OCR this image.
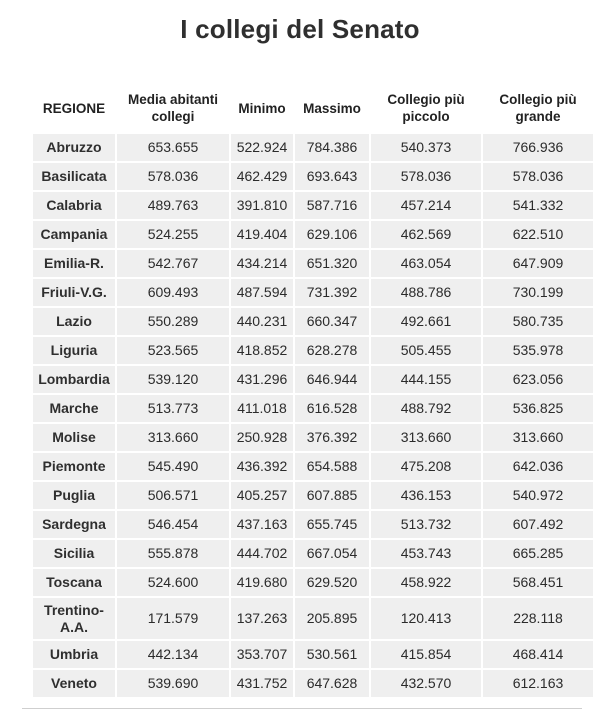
I collegi del Senato
REGIONE	Media abitanti collegi	Minimo	Massimo	Collegio più piccolo	Collegio più grande
Abruzzo	653.655	522.924	784.386	540.373	766.936
Basilicata	578.036	462.429	693.643	578.036	578.036
Calabria	489.763	391.810	587.716	457.214	541.332
Campania	524.255	419.404	629.106	462.569	622.510
Emilia-R.	542.767	434.214	651.320	463.054	647.909
Friuli-V.G.	609.493	487.594	731.392	488.786	730.199
Lazio	550.289	440.231	660.347	492.661	580.735
Liguria	523.565	418.852	628.278	505.455	535.978
Lombardia	539.120	431.296	646.944	444.155	623.056
Marche	513.773	411.018	616.528	488.792	536.825
Molise	313.660	250.928	376.392	313.660	313.660
Piemonte	545.490	436.392	654.588	475.208	642.036
Puglia	506.571	405.257	607.885	436.153	540.972
Sardegna	546.454	437.163	655.745	513.732	607.492
Sicilia	555.878	444.702	667.054	453.743	665.285
Toscana	524.600	419.680	629.520	458.922	568.451
Trentino-A.A.	171.579	137.263	205.895	120.413	228.118
Umbria	442.134	353.707	530.561	415.854	468.414
Veneto	539.690	431.752	647.628	432.570	612.163
